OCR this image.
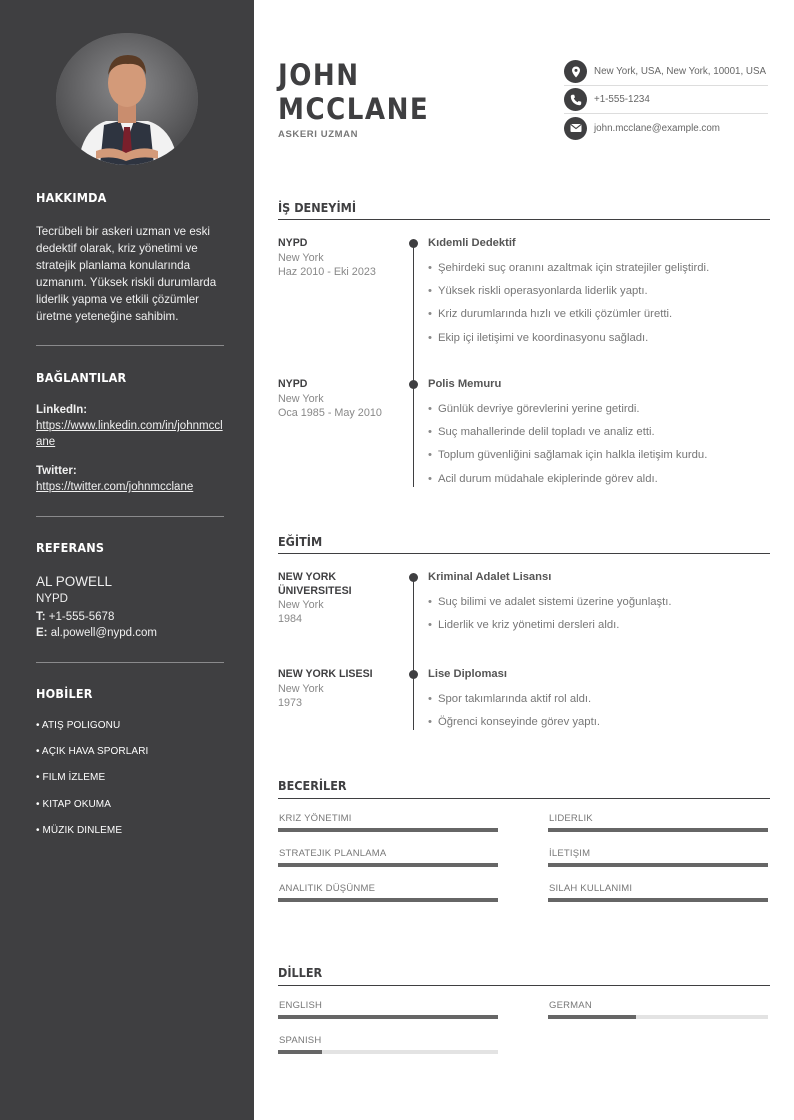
HAKKIMDA
Tecrübeli bir askeri uzman ve eski dedektif olarak, kriz yönetimi ve stratejik planlama konularında uzmanım. Yüksek riskli durumlarda liderlik yapma ve etkili çözümler üretme yeteneğine sahibim.
BAĞLANTILAR
LinkedIn:
https://www.linkedin.com/in/johnmcclane
Twitter:
https://twitter.com/johnmcclane
REFERANS
AL POWELL
NYPD
T: +1-555-5678
E: al.powell@nypd.com
HOBİLER
• ATIŞ POLIGONU
• AÇIK HAVA SPORLARI
• FILM İZLEME
• KITAP OKUMA
• MÜZIK DINLEME
JOHN
MCCLANE
ASKERI UZMAN
New York, USA, New York, 10001, USA
+1-555-1234
john.mcclane@example.com
İŞ DENEYİMİ
NYPD
New York
Haz 2010 - Eki 2023
Kıdemli Dedektif
• Şehirdeki suç oranını azaltmak için stratejiler geliştirdi.
• Yüksek riskli operasyonlarda liderlik yaptı.
• Kriz durumlarında hızlı ve etkili çözümler üretti.
• Ekip içi iletişimi ve koordinasyonu sağladı.
NYPD
New York
Oca 1985 - May 2010
Polis Memuru
• Günlük devriye görevlerini yerine getirdi.
• Suç mahallerinde delil topladı ve analiz etti.
• Toplum güvenliğini sağlamak için halkla iletişim kurdu.
• Acil durum müdahale ekiplerinde görev aldı.
EĞİTİM
NEW YORK
ÜNIVERSITESI
New York
1984
Kriminal Adalet Lisansı
• Suç bilimi ve adalet sistemi üzerine yoğunlaştı.
• Liderlik ve kriz yönetimi dersleri aldı.
NEW YORK LISESI
New York
1973
Lise Diploması
• Spor takımlarında aktif rol aldı.
• Öğrenci konseyinde görev yaptı.
BECERİLER
KRIZ YÖNETIMI	LIDERLIK
STRATEJIK PLANLAMA	İLETIŞIM
ANALITIK DÜŞÜNME	SILAH KULLANIMI
DİLLER
ENGLISH	GERMAN
SPANISH
